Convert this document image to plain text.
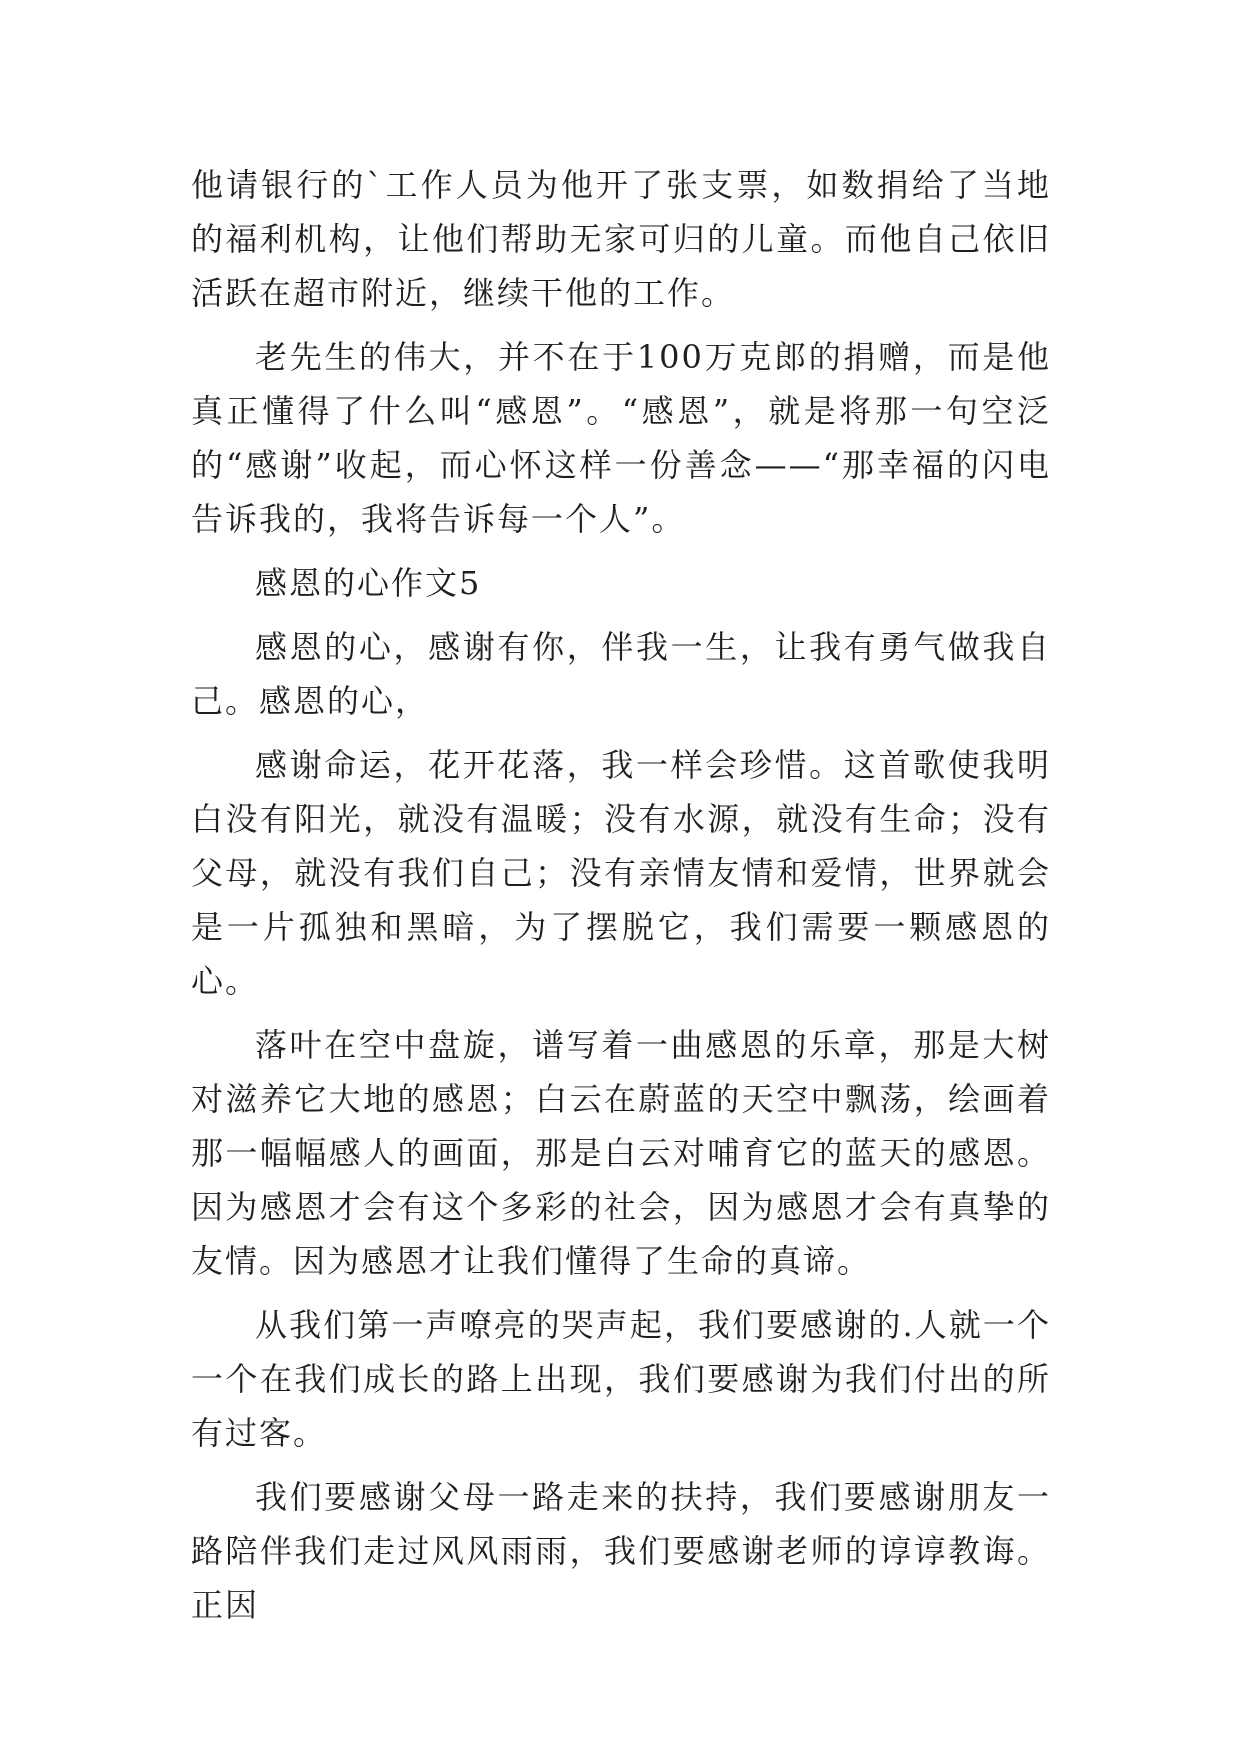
他请银行的`工作人员为他开了张支票，如数捐给了当地的福利机构，让他们帮助无家可归的儿童。而他自己依旧活跃在超市附近，继续干他的工作。

老先生的伟大，并不在于100万克郎的捐赠，而是他真正懂得了什么叫“感恩”。“感恩”，就是将那一句空泛的“感谢”收起，而心怀这样一份善念——“那幸福的闪电告诉我的，我将告诉每一个人”。

感恩的心作文5

感恩的心，感谢有你，伴我一生，让我有勇气做我自己。感恩的心，

感谢命运，花开花落，我一样会珍惜。这首歌使我明白没有阳光，就没有温暖；没有水源，就没有生命；没有父母，就没有我们自己；没有亲情友情和爱情，世界就会是一片孤独和黑暗，为了摆脱它，我们需要一颗感恩的心。

落叶在空中盘旋，谱写着一曲感恩的乐章，那是大树对滋养它大地的感恩；白云在蔚蓝的天空中飘荡，绘画着那一幅幅感人的画面，那是白云对哺育它的蓝天的感恩。因为感恩才会有这个多彩的社会，因为感恩才会有真挚的友情。因为感恩才让我们懂得了生命的真谛。

从我们第一声嘹亮的哭声起，我们要感谢的.人就一个一个在我们成长的路上出现，我们要感谢为我们付出的所有过客。

我们要感谢父母一路走来的扶持，我们要感谢朋友一路陪伴我们走过风风雨雨，我们要感谢老师的谆谆教诲。正因
